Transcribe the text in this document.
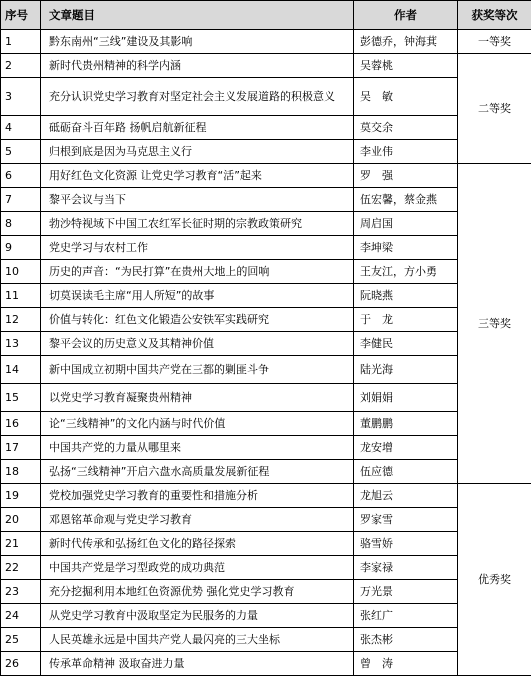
序号	文章题目	作者	获奖等次
1	黔东南州“三线”建设及其影响	彭德乔，钟海萁	一等奖
2	新时代贵州精神的科学内涵	吴蓉桃	二等奖
3	充分认识党史学习教育对坚定社会主义发展道路的积极意义	吴　敏	
4	砥砺奋斗百年路 扬帆启航新征程	莫交余	
5	归根到底是因为马克思主义行	李业伟	
6	用好红色文化资源 让党史学习教育“活”起来	罗　强	三等奖
7	黎平会议与当下	伍宏馨，蔡金燕	
8	勃沙特视域下中国工农红军长征时期的宗教政策研究	周启国	
9	党史学习与农村工作	李坤梁	
10	历史的声音：“为民打算”在贵州大地上的回响	王友江，方小勇	
11	切莫误读毛主席“用人所短”的故事	阮晓燕	
12	价值与转化：红色文化锻造公安铁军实践研究	于　龙	
13	黎平会议的历史意义及其精神价值	李健民	
14	新中国成立初期中国共产党在三都的剿匪斗争	陆光海	
15	以党史学习教育凝聚贵州精神	刘娟娟	
16	论“三线精神”的文化内涵与时代价值	董鹏鹏	
17	中国共产党的力量从哪里来	龙安增	
18	弘扬“三线精神”开启六盘水高质量发展新征程	伍应德	
19	党校加强党史学习教育的重要性和措施分析	龙旭云	优秀奖
20	邓恩铭革命观与党史学习教育	罗家雪	
21	新时代传承和弘扬红色文化的路径探索	骆雪娇	
22	中国共产党是学习型政党的成功典范	李家禄	
23	充分挖掘利用本地红色资源优势 强化党史学习教育	万光景	
24	从党史学习教育中汲取坚定为民服务的力量	张红广	
25	人民英雄永远是中国共产党人最闪亮的三大坐标	张杰彬	
26	传承革命精神 汲取奋进力量	曾　涛	
